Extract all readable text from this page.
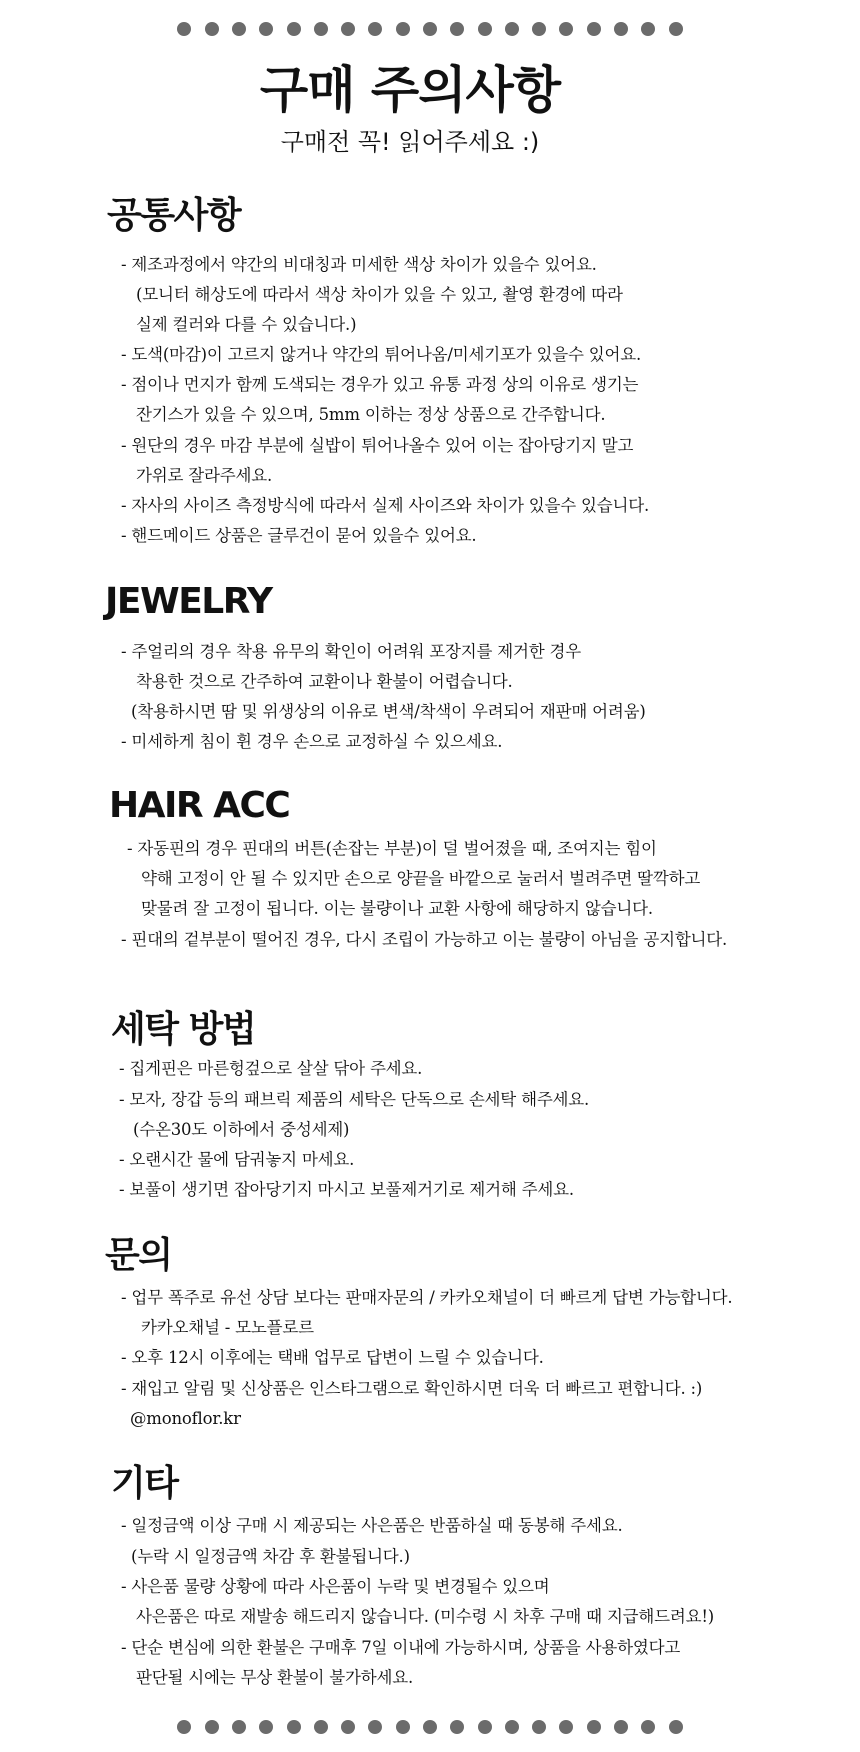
구매 주의사항
구매전 꼭! 읽어주세요 :)
공통사항
- 제조과정에서 약간의 비대칭과 미세한 색상 차이가 있을수 있어요.
(모니터 해상도에 따라서 색상 차이가 있을 수 있고, 촬영 환경에 따라
실제 컬러와 다를 수 있습니다.)
- 도색(마감)이 고르지 않거나 약간의 튀어나옴/미세기포가 있을수 있어요.
- 점이나 먼지가 함께 도색되는 경우가 있고 유통 과정 상의 이유로 생기는
잔기스가 있을 수 있으며, 5mm 이하는 정상 상품으로 간주합니다.
- 원단의 경우 마감 부분에 실밥이 튀어나올수 있어 이는 잡아당기지 말고
가위로 잘라주세요.
- 자사의 사이즈 측정방식에 따라서 실제 사이즈와 차이가 있을수 있습니다.
- 핸드메이드 상품은 글루건이 묻어 있을수 있어요.
JEWELRY
- 주얼리의 경우 착용 유무의 확인이 어려워 포장지를 제거한 경우
착용한 것으로 간주하여 교환이나 환불이 어렵습니다.
(착용하시면 땀 및 위생상의 이유로 변색/착색이 우려되어 재판매 어려움)
- 미세하게 침이 휜 경우 손으로 교정하실 수 있으세요.
HAIR ACC
- 자동핀의 경우 핀대의 버튼(손잡는 부분)이 덜 벌어졌을 때, 조여지는 힘이
약해 고정이 안 될 수 있지만 손으로 양끝을 바깥으로 눌러서 벌려주면 딸깍하고
맞물려 잘 고정이 됩니다. 이는 불량이나 교환 사항에 해당하지 않습니다.
- 핀대의 겉부분이 떨어진 경우, 다시 조립이 가능하고 이는 불량이 아님을 공지합니다.
세탁 방법
- 집게핀은 마른헝겊으로 살살 닦아 주세요.
- 모자, 장갑 등의 패브릭 제품의 세탁은 단독으로 손세탁 해주세요.
(수온30도 이하에서 중성세제)
- 오랜시간 물에 담궈놓지 마세요.
- 보풀이 생기면 잡아당기지 마시고 보풀제거기로 제거해 주세요.
문의
- 업무 폭주로 유선 상담 보다는 판매자문의 / 카카오채널이 더 빠르게 답변 가능합니다.
카카오채널 - 모노플로르
- 오후 12시 이후에는 택배 업무로 답변이 느릴 수 있습니다.
- 재입고 알림 및 신상품은 인스타그램으로 확인하시면 더욱 더 빠르고 편합니다. :)
@monoflor.kr
기타
- 일정금액 이상 구매 시 제공되는 사은품은 반품하실 때 동봉해 주세요.
(누락 시 일정금액 차감 후 환불됩니다.)
- 사은품 물량 상황에 따라 사은품이 누락 및 변경될수 있으며
사은품은 따로 재발송 해드리지 않습니다. (미수령 시 차후 구매 때 지급해드려요!)
- 단순 변심에 의한 환불은 구매후 7일 이내에 가능하시며, 상품을 사용하였다고
판단될 시에는 무상 환불이 불가하세요.
